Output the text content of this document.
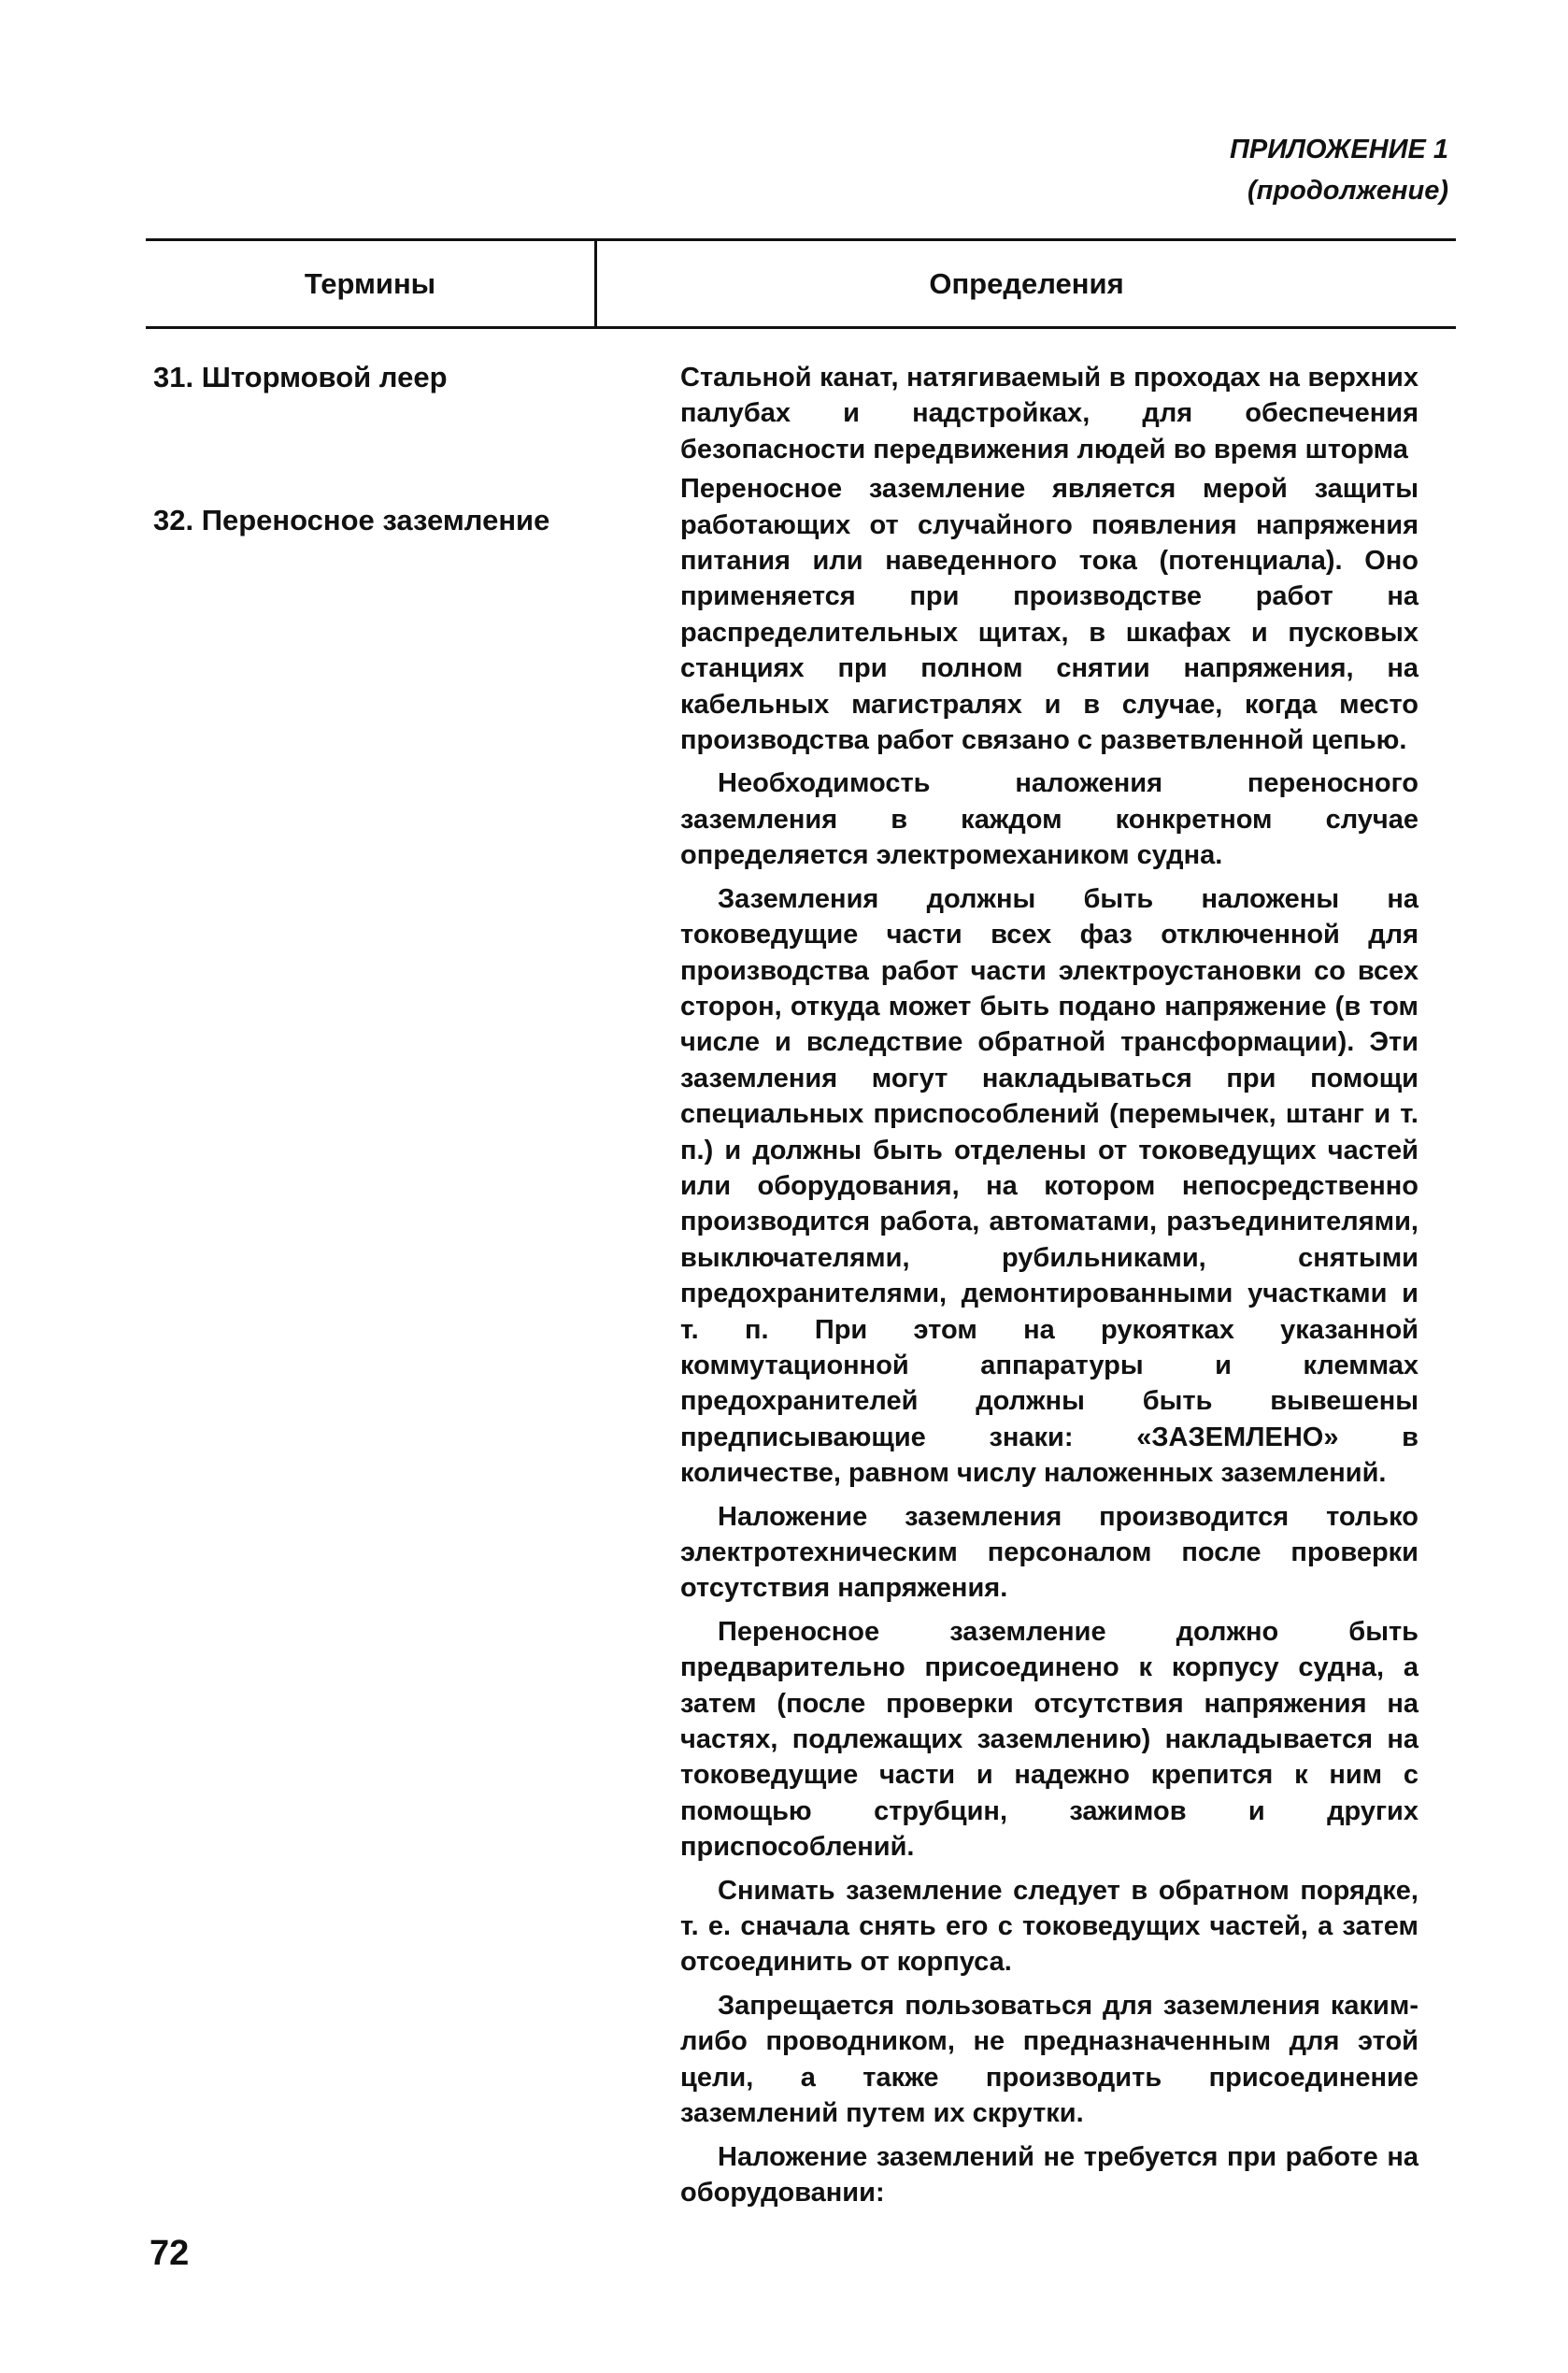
ПРИЛОЖЕНИЕ 1
(продолжение)
Термины	Определения
31. Штормовой леер
32. Переносное заземление

Стальной канат, натягиваемый в проходах на верхних палубах и надстройках, для обеспечения безопасности передвижения людей во время шторма

Переносное заземление является мерой защиты работающих от случайного появления напряжения питания или наведенного тока (потенциала). Оно применяется при производстве работ на распределительных щитах, в шкафах и пусковых станциях при полном снятии напряжения, на кабельных магистралях и в случае, когда место производства работ связано с разветвленной цепью.

Необходимость наложения переносного заземления в каждом конкретном случае определяется электромехаником судна.

Заземления должны быть наложены на токоведущие части всех фаз отключенной для производства работ части электроустановки со всех сторон, откуда может быть подано напряжение (в том числе и вследствие обратной трансформации). Эти заземления могут накладываться при помощи специальных приспособлений (перемычек, штанг и т. п.) и должны быть отделены от токоведущих частей или оборудования, на котором непосредственно производится работа, автоматами, разъединителями, выключателями, рубильниками, снятыми предохранителями, демонтированными участками и т. п. При этом на рукоятках указанной коммутационной аппаратуры и клеммах предохранителей должны быть вывешены предписывающие знаки: «ЗАЗЕМЛЕНО» в количестве, равном числу наложенных заземлений.

Наложение заземления производится только электротехническим персоналом после проверки отсутствия напряжения.

Переносное заземление должно быть предварительно присоединено к корпусу судна, а затем (после проверки отсутствия напряжения на частях, подлежащих заземлению) накладывается на токоведущие части и надежно крепится к ним с помощью струбцин, зажимов и других приспособлений.

Снимать заземление следует в обратном порядке, т. е. сначала снять его с токоведущих частей, а затем отсоединить от корпуса.

Запрещается пользоваться для заземления каким-либо проводником, не предназначенным для этой цели, а также производить присоединение заземлений путем их скрутки.

Наложение заземлений не требуется при работе на оборудовании:

72
